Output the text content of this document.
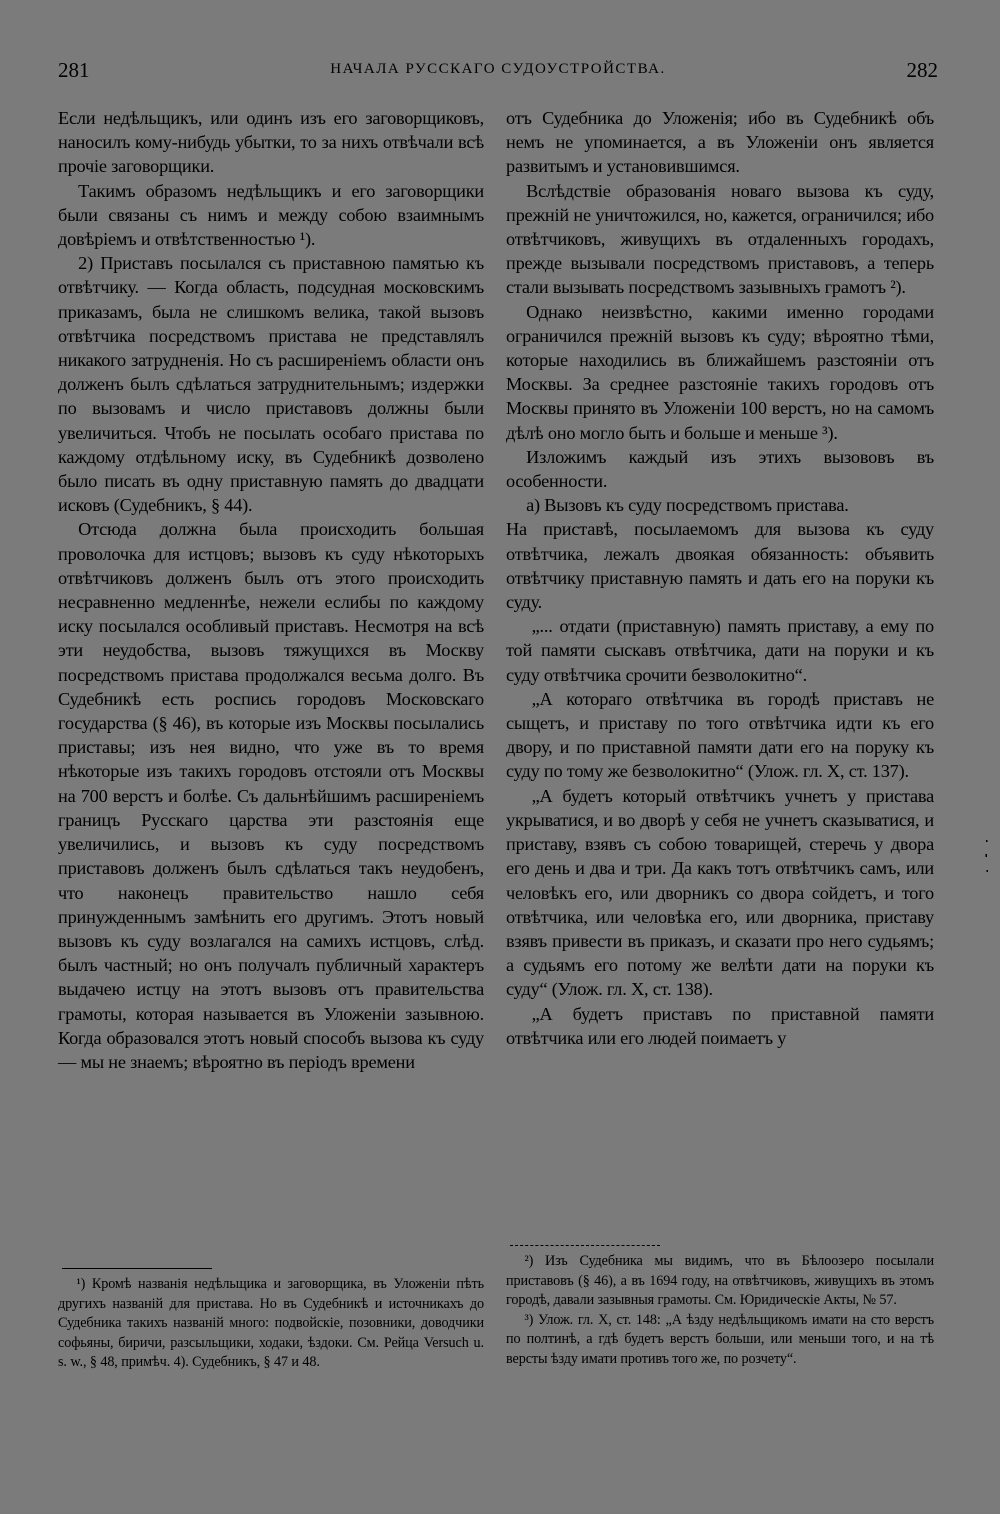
281	НАЧАЛА РУССКАГО СУДОУСТРОЙСТВА.	282

Если недѣльщикъ, или одинъ изъ его заговорщиковъ, наносилъ кому-нибудь убытки, то за нихъ отвѣчали всѣ прочіе заговорщики.

Такимъ образомъ недѣльщикъ и его заговорщики были связаны съ нимъ и между собою взаимнымъ довѣріемъ и отвѣтственностью ¹).

2) Приставъ посылался съ приставною памятью къ отвѣтчику. — Когда область, подсудная московскимъ приказамъ, была не слишкомъ велика, такой вызовъ отвѣтчика посредствомъ пристава не представлялъ никакого затрудненія. Но съ расширеніемъ области онъ долженъ былъ сдѣлаться затруднительнымъ; издержки по вызовамъ и число приставовъ должны были увеличиться. Чтобъ не посылать особаго пристава по каждому отдѣльному иску, въ Судебникѣ дозволено было писать въ одну приставную память до двадцати исковъ (Судебникъ, § 44).

Отсюда должна была происходить большая проволочка для истцовъ; вызовъ къ суду нѣкоторыхъ отвѣтчиковъ долженъ былъ отъ этого происходить несравненно медленнѣе, нежели еслибы по каждому иску посылался особливый приставъ. Несмотря на всѣ эти неудобства, вызовъ тяжущихся въ Москву посредствомъ пристава продолжался весьма долго. Въ Судебникѣ есть роспись городовъ Московскаго государства (§ 46), въ которые изъ Москвы посылались приставы; изъ нея видно, что уже въ то время нѣкоторые изъ такихъ городовъ отстояли отъ Москвы на 700 верстъ и болѣе. Съ дальнѣйшимъ расширеніемъ границъ Русскаго царства эти разстоянія еще увеличились, и вызовъ къ суду посредствомъ приставовъ долженъ былъ сдѣлаться такъ неудобенъ, что наконецъ правительство нашло себя принужденнымъ замѣнить его другимъ. Этотъ новый вызовъ къ суду возлагался на самихъ истцовъ, слѣд. былъ частный; но онъ получалъ публичный характеръ выдачею истцу на этотъ вызовъ отъ правительства грамоты, которая называется въ Уложеніи зазывною. Когда образовался этотъ новый способъ вызова къ суду — мы не знаемъ; вѣроятно въ періодъ времени

отъ Судебника до Уложенія; ибо въ Судебникѣ объ немъ не упоминается, а въ Уложеніи онъ является развитымъ и установившимся.

Вслѣдствіе образованія новаго вызова къ суду, прежній не уничтожился, но, кажется, ограничился; ибо отвѣтчиковъ, живущихъ въ отдаленныхъ городахъ, прежде вызывали посредствомъ приставовъ, а теперь стали вызывать посредствомъ зазывныхъ грамотъ ²).

Однако неизвѣстно, какими именно городами ограничился прежній вызовъ къ суду; вѣроятно тѣми, которые находились въ ближайшемъ разстояніи отъ Москвы. За среднее разстояніе такихъ городовъ отъ Москвы принято въ Уложеніи 100 верстъ, но на самомъ дѣлѣ оно могло быть и больше и меньше ³).

Изложимъ каждый изъ этихъ вызововъ въ особенности.

а) Вызовъ къ суду посредствомъ пристава.

На приставѣ, посылаемомъ для вызова къ суду отвѣтчика, лежалъ двоякая обязанность: объявить отвѣтчику приставную память и дать его на поруки къ суду.

„... отдати (приставную) память приставу, а ему по той памяти сыскавъ отвѣтчика, дати на поруки и къ суду отвѣтчика срочити безволокитно“.

„А котораго отвѣтчика въ городѣ приставъ не сыщетъ, и приставу по того отвѣтчика идти къ его двору, и по приставной памяти дати его на поруку къ суду по тому же безволокитно“ (Улож. гл. X, ст. 137).

„А будетъ который отвѣтчикъ учнетъ у пристава укрыватися, и во дворѣ у себя не учнетъ сказыватися, и приставу, взявъ съ собою товарищей, стеречь у двора его день и два и три. Да какъ тотъ отвѣтчикъ самъ, или человѣкъ его, или дворникъ со двора сойдетъ, и того отвѣтчика, или человѣка его, или дворника, приставу взявъ привести въ приказъ, и сказати про него судьямъ; а судьямъ его потому же велѣти дати на поруки къ суду“ (Улож. гл. X, ст. 138).

„А будетъ приставъ по приставной памяти отвѣтчика или его людей поимаетъ у

¹) Кромѣ названія недѣльщика и заговорщика, въ Уложеніи пѣть другихъ названій для пристава. Но въ Судебникѣ и источникахъ до Судебника такихъ названій много: подвойскіе, позовники, доводчики софьяны, биричи, разсыльщики, ходаки, ѣздоки. См. Рейца Versuch u. s. w., § 48, примѣч. 4). Судебникъ, § 47 и 48.

²) Изъ Судебника мы видимъ, что въ Бѣлоозеро посылали приставовъ (§ 46), а въ 1694 году, на отвѣтчиковъ, живущихъ въ этомъ городѣ, давали зазывныя грамоты. См. Юридическіе Акты, № 57.

³) Улож. гл. X, ст. 148: „А ѣзду недѣльщикомъ имати на сто верстъ по полтинѣ, а гдѣ будетъ верстъ больши, или меньши того, и на тѣ версты ѣзду имати противъ того же, по розчету“.
